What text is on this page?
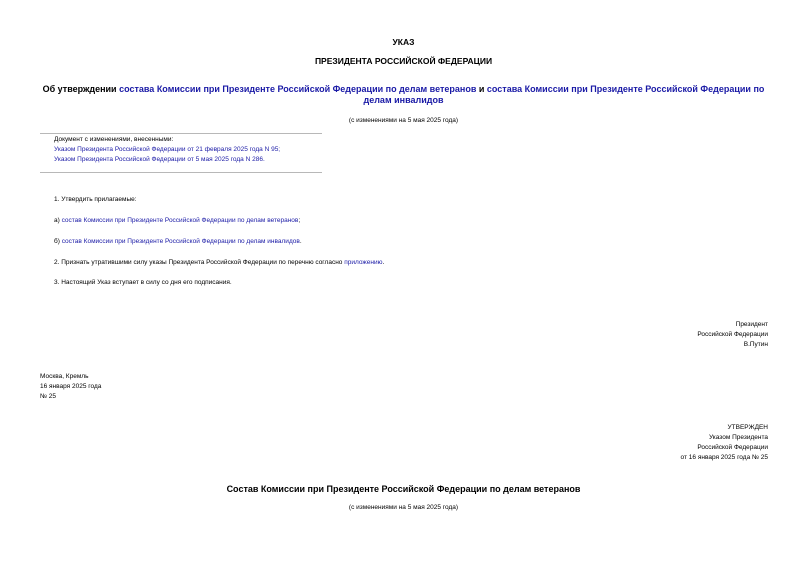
УКАЗ
ПРЕЗИДЕНТА РОССИЙСКОЙ ФЕДЕРАЦИИ
Об утверждении состава Комиссии при Президенте Российской Федерации по делам ветеранов и состава Комиссии при Президенте Российской Федерации по
делам инвалидов
(с изменениями на 5 мая 2025 года)
Документ с изменениями, внесенными:
Указом Президента Российской Федерации от 21 февраля 2025 года N 95;
Указом Президента Российской Федерации от 5 мая 2025 года N 286.
1. Утвердить прилагаемые:
а) состав Комиссии при Президенте Российской Федерации по делам ветеранов;
б) состав Комиссии при Президенте Российской Федерации по делам инвалидов.
2. Признать утратившими силу указы Президента Российской Федерации по перечню согласно приложению.
3. Настоящий Указ вступает в силу со дня его подписания.
Президент
Российской Федерации
В.Путин
Москва, Кремль
16 января 2025 года
№ 25
УТВЕРЖДЕН
Указом Президента
Российской Федерации
от 16 января 2025 года № 25
Состав Комиссии при Президенте Российской Федерации по делам ветеранов
(с изменениями на 5 мая 2025 года)
